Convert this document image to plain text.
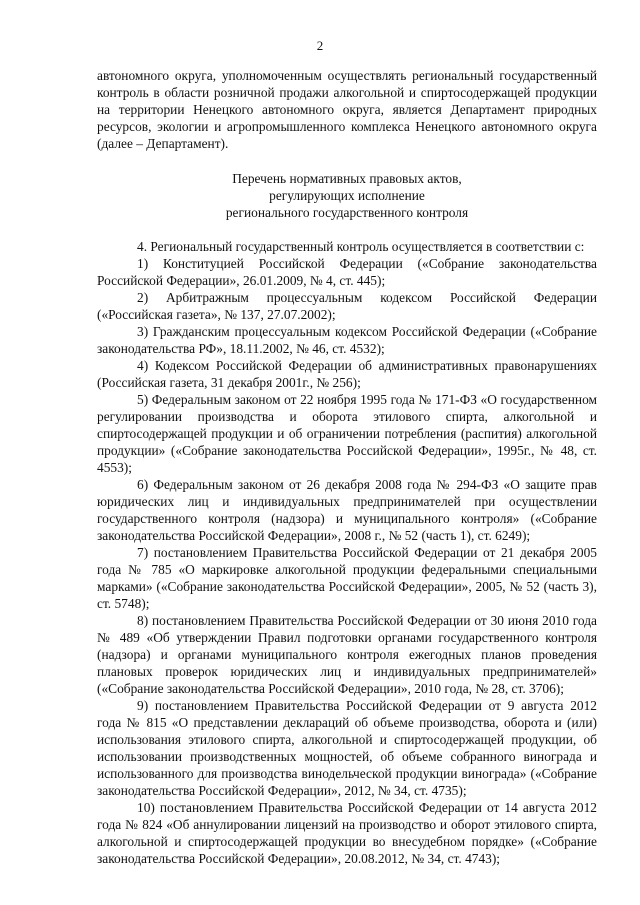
2

автономного округа, уполномоченным осуществлять региональный государственный контроль в области розничной продажи алкогольной и спиртосодержащей продукции на территории Ненецкого автономного округа, является Департамент природных ресурсов, экологии и агропромышленного комплекса Ненецкого автономного округа (далее – Департамент).

Перечень нормативных правовых актов,
регулирующих исполнение
регионального государственного контроля

4. Региональный государственный контроль осуществляется в соответствии с:

1) Конституцией Российской Федерации («Собрание законодательства Российской Федерации», 26.01.2009, № 4, ст. 445);

2) Арбитражным процессуальным кодексом Российской Федерации («Российская газета», № 137, 27.07.2002);

3) Гражданским процессуальным кодексом Российской Федерации («Собрание законодательства РФ», 18.11.2002, № 46, ст. 4532);

4) Кодексом Российской Федерации об административных правонарушениях (Российская газета, 31 декабря 2001г., № 256);

5) Федеральным законом от 22 ноября 1995 года № 171-ФЗ «О государственном регулировании производства и оборота этилового спирта, алкогольной и спиртосодержащей продукции и об ограничении потребления (распития) алкогольной продукции» («Собрание законодательства Российской Федерации», 1995г., № 48, ст. 4553);

6) Федеральным законом от 26 декабря 2008 года № 294-ФЗ «О защите прав юридических лиц и индивидуальных предпринимателей при осуществлении государственного контроля (надзора) и муниципального контроля» («Собрание законодательства Российской Федерации», 2008 г., № 52 (часть 1), ст. 6249);

7) постановлением Правительства Российской Федерации от 21 декабря 2005 года № 785 «О маркировке алкогольной продукции федеральными специальными марками» («Собрание законодательства Российской Федерации», 2005, № 52 (часть 3), ст. 5748);

8) постановлением Правительства Российской Федерации от 30 июня 2010 года № 489 «Об утверждении Правил подготовки органами государственного контроля (надзора) и органами муниципального контроля ежегодных планов проведения плановых проверок юридических лиц и индивидуальных предпринимателей» («Собрание законодательства Российской Федерации», 2010 года, № 28, ст. 3706);

9) постановлением Правительства Российской Федерации от 9 августа 2012 года № 815 «О представлении деклараций об объеме производства, оборота и (или) использования этилового спирта, алкогольной и спиртосодержащей продукции, об использовании производственных мощностей, об объеме собранного винограда и использованного для производства винодельческой продукции винограда» («Собрание законодательства Российской Федерации», 2012, № 34, ст. 4735);

10) постановлением Правительства Российской Федерации от 14 августа 2012 года № 824 «Об аннулировании лицензий на производство и оборот этилового спирта, алкогольной и спиртосодержащей продукции во внесудебном порядке» («Собрание законодательства Российской Федерации», 20.08.2012, № 34, ст. 4743);
